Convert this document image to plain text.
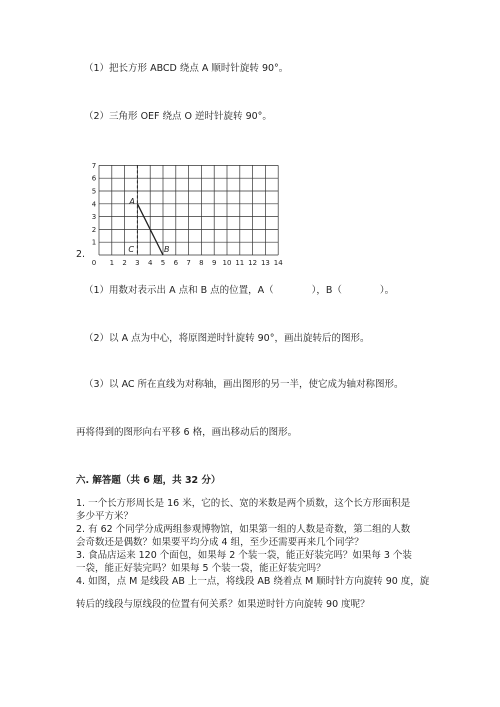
（1）把长方形 ABCD 绕点 A 顺时针旋转 90°。
（2）三角形 OEF 绕点 O 逆时针旋转 90°。
2.
0 1 2 3 4 5 6 7 8 9 10 11 12 13 14
1
2
3
4
5
6
7
A
C	B
（1）用数对表示出 A 点和 B 点的位置，A（　　　　），B（　　　　）。
（2）以 A 点为中心，将原图逆时针旋转 90°，画出旋转后的图形。
（3）以 AC 所在直线为对称轴，画出图形的另一半，使它成为轴对称图形。
再将得到的图形向右平移 6 格，画出移动后的图形。
六. 解答题（共 6 题，共 32 分）
1. 一个长方形周长是 16 米，它的长、宽的米数是两个质数，这个长方形面积是
多少平方米？
2. 有 62 个同学分成两组参观博物馆，如果第一组的人数是奇数，第二组的人数
会奇数还是偶数？如果要平均分成 4 组，至少还需要再来几个同学？
3. 食品店运来 120 个面包，如果每 2 个装一袋，能正好装完吗？如果每 3 个装
一袋，能正好装完吗？如果每 5 个装一袋，能正好装完吗？
4. 如图，点 M 是线段 AB 上一点，将线段 AB 绕着点 M 顺时针方向旋转 90 度，旋
转后的线段与原线段的位置有何关系？如果逆时针方向旋转 90 度呢？
